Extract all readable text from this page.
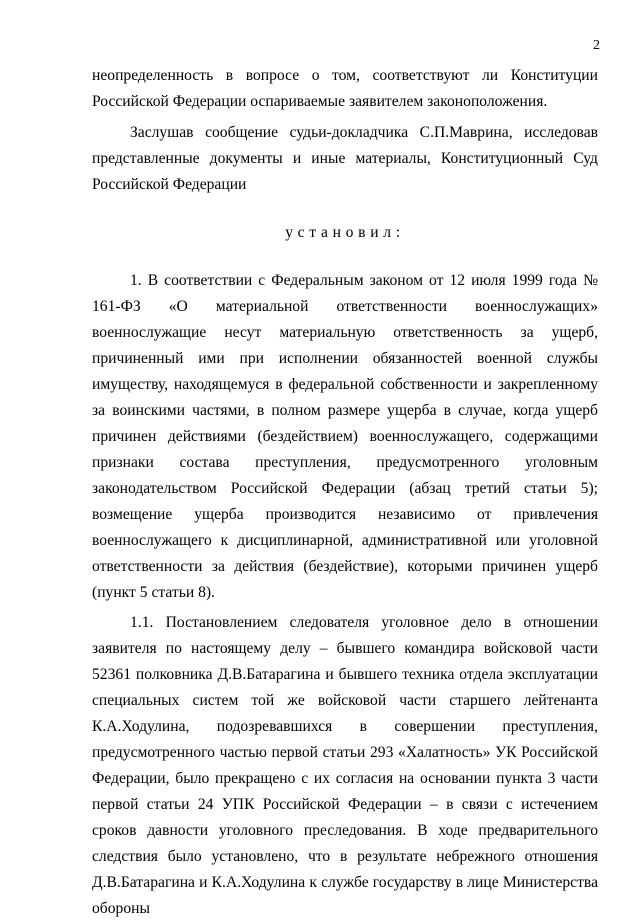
2

неопределенность в вопросе о том, соответствуют ли Конституции Российской Федерации оспариваемые заявителем законоположения.

Заслушав сообщение судьи-докладчика С.П.Маврина, исследовав представленные документы и иные материалы, Конституционный Суд Российской Федерации

установил:

1. В соответствии с Федеральным законом от 12 июля 1999 года № 161-ФЗ «О материальной ответственности военнослужащих» военнослужащие несут материальную ответственность за ущерб, причиненный ими при исполнении обязанностей военной службы имуществу, находящемуся в федеральной собственности и закрепленному за воинскими частями, в полном размере ущерба в случае, когда ущерб причинен действиями (бездействием) военнослужащего, содержащими признаки состава преступления, предусмотренного уголовным законодательством Российской Федерации (абзац третий статьи 5); возмещение ущерба производится независимо от привлечения военнослужащего к дисциплинарной, административной или уголовной ответственности за действия (бездействие), которыми причинен ущерб (пункт 5 статьи 8).

1.1. Постановлением следователя уголовное дело в отношении заявителя по настоящему делу – бывшего командира войсковой части 52361 полковника Д.В.Батарагина и бывшего техника отдела эксплуатации специальных систем той же войсковой части старшего лейтенанта К.А.Ходулина, подозревавшихся в совершении преступления, предусмотренного частью первой статьи 293 «Халатность» УК Российской Федерации, было прекращено с их согласия на основании пункта 3 части первой статьи 24 УПК Российской Федерации – в связи с истечением сроков давности уголовного преследования. В ходе предварительного следствия было установлено, что в результате небрежного отношения Д.В.Батарагина и К.А.Ходулина к службе государству в лице Министерства обороны
